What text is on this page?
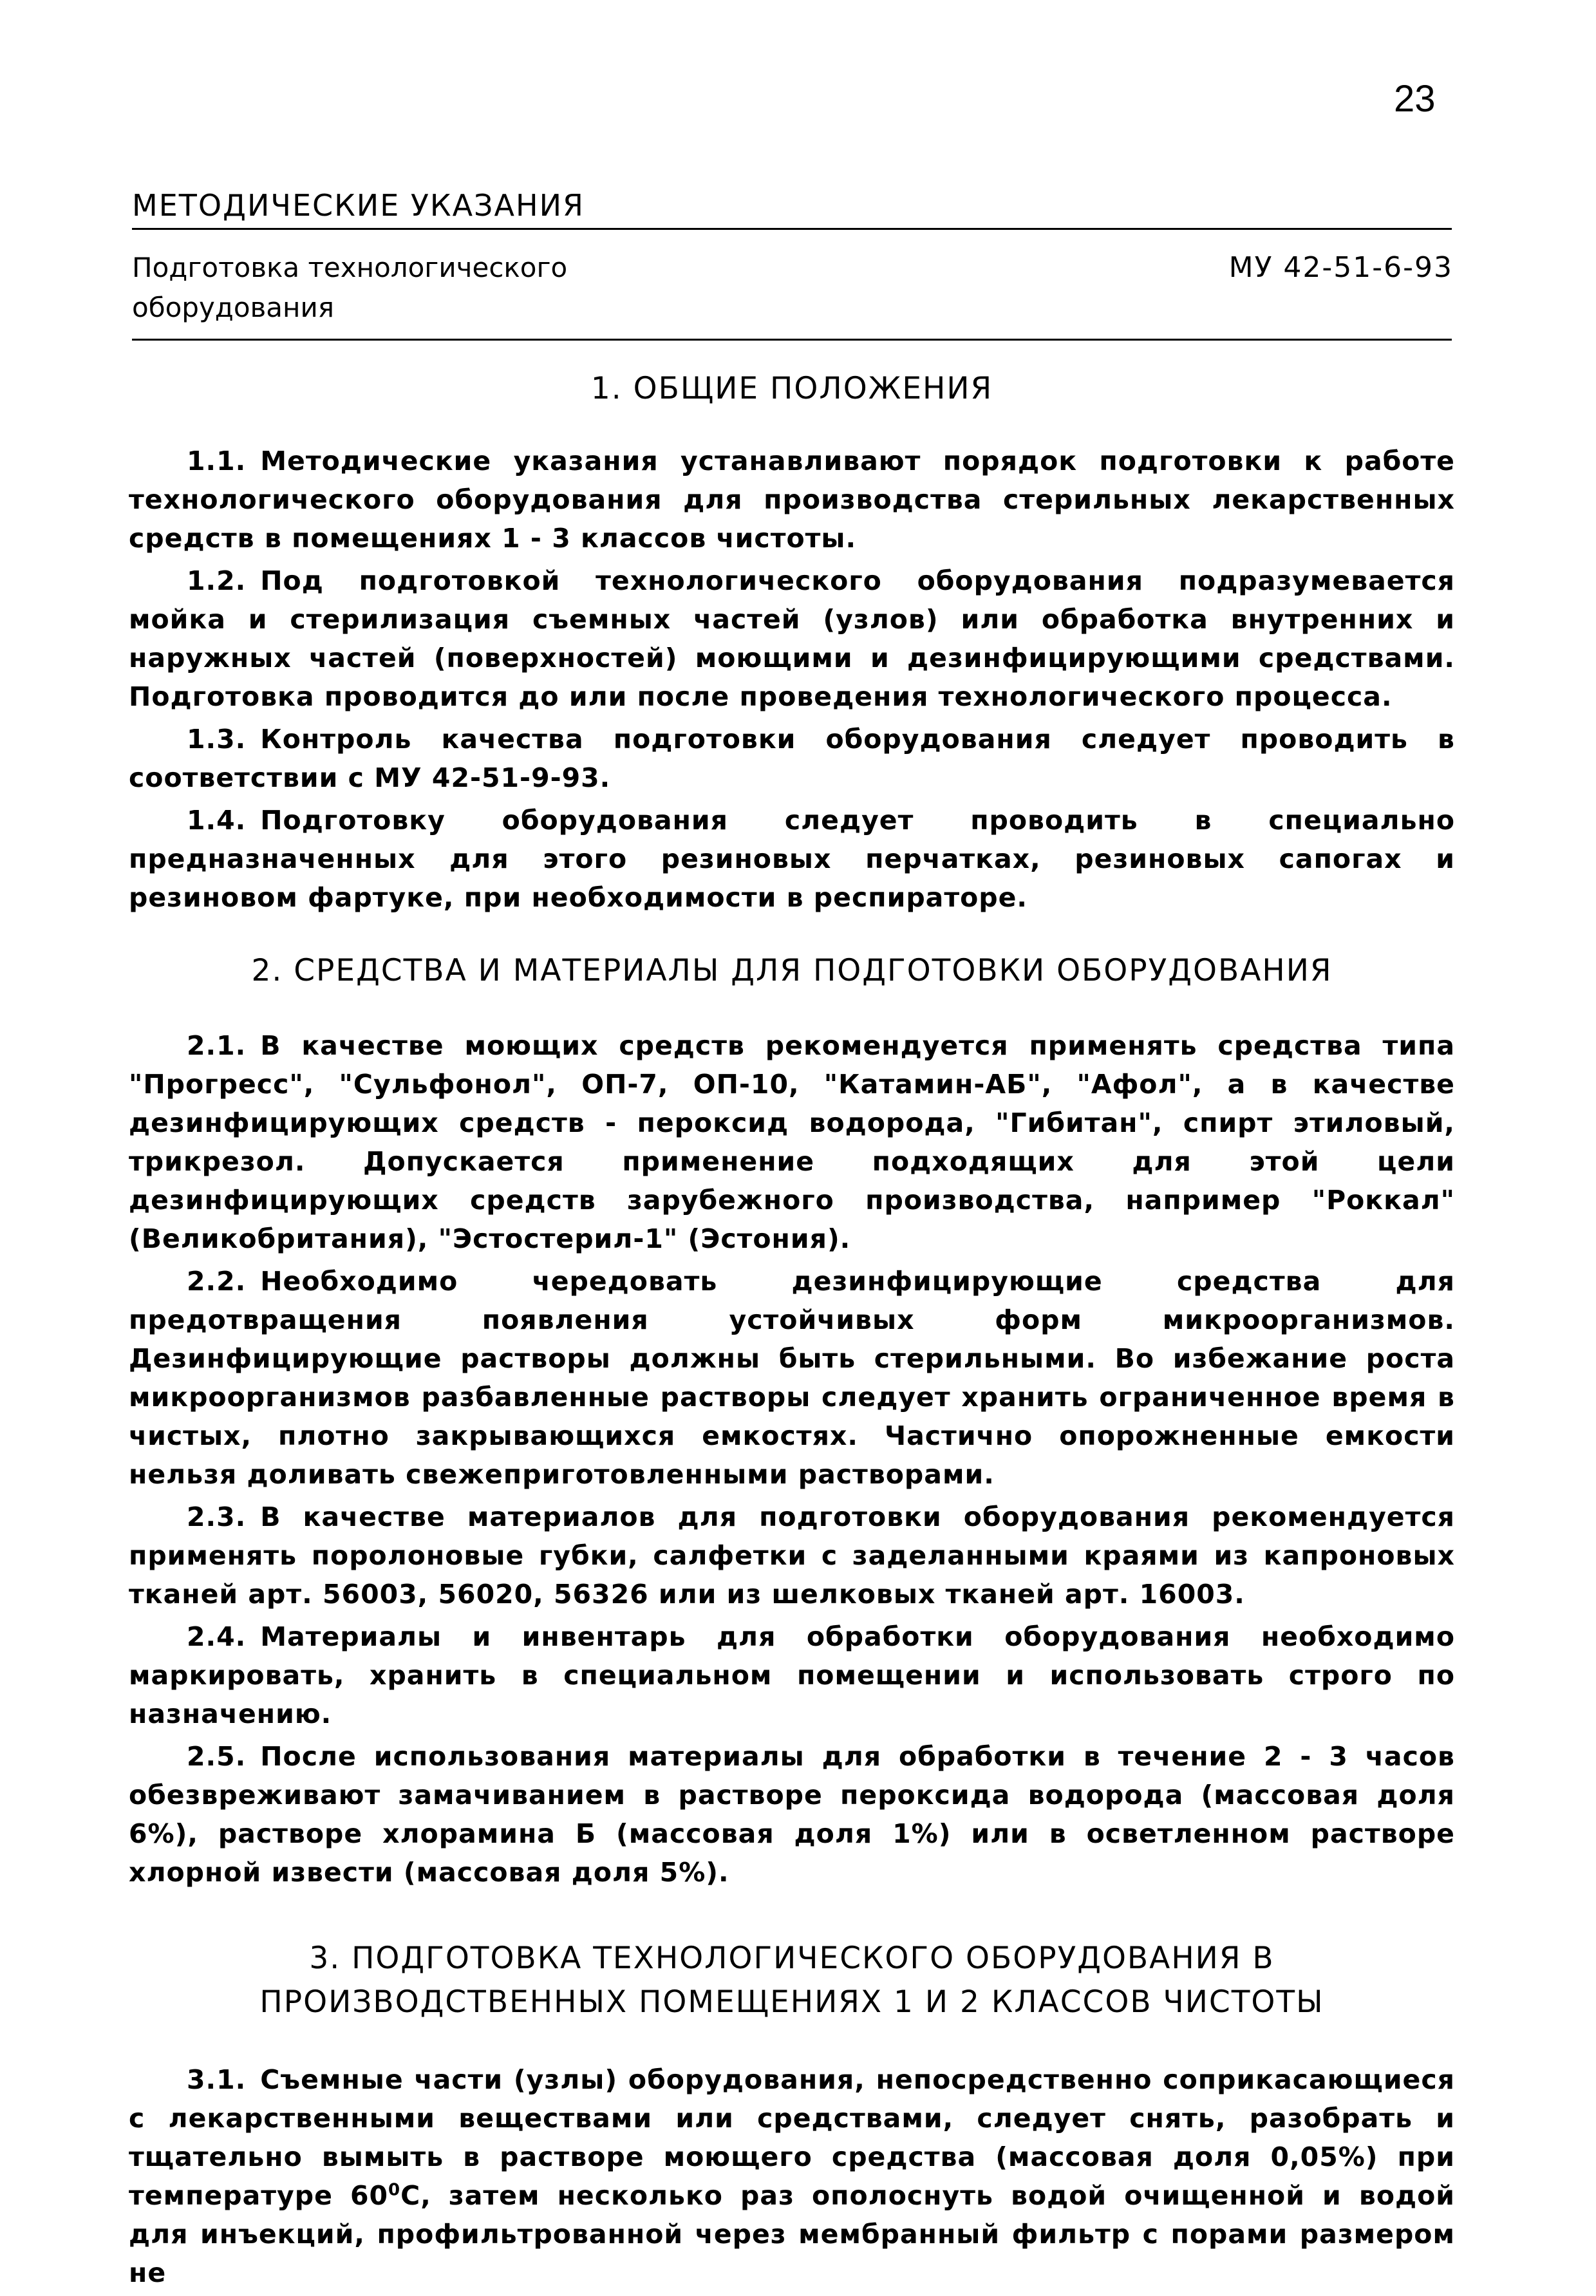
23
МЕТОДИЧЕСКИЕ УКАЗАНИЯ
Подготовка технологического
оборудования
МУ 42-51-6-93
1. ОБЩИЕ ПОЛОЖЕНИЯ

1.1. Методические указания устанавливают порядок подготовки к работе технологического оборудования для производства стерильных лекарственных средств в помещениях 1 - 3 классов чистоты.

1.2. Под подготовкой технологического оборудования подразумевается мойка и стерилизация съемных частей (узлов) или обработка внутренних и наружных частей (поверхностей) моющими и дезинфицирующими средствами. Подготовка проводится до или после проведения технологического процесса.

1.3. Контроль качества подготовки оборудования следует проводить в соответствии с МУ 42-51-9-93.

1.4. Подготовку оборудования следует проводить в специально предназначенных для этого резиновых перчатках, резиновых сапогах и резиновом фартуке, при необходимости в респираторе.

2. СРЕДСТВА И МАТЕРИАЛЫ ДЛЯ ПОДГОТОВКИ ОБОРУДОВАНИЯ

2.1. В качестве моющих средств рекомендуется применять средства типа "Прогресс", "Сульфонол", ОП-7, ОП-10, "Катамин-АБ", "Афол", а в качестве дезинфицирующих средств - пероксид водорода, "Гибитан", спирт этиловый, трикрезол. Допускается применение подходящих для этой цели дезинфицирующих средств зарубежного производства, например "Роккал" (Великобритания), "Эстостерил-1" (Эстония).

2.2. Необходимо чередовать дезинфицирующие средства для предотвращения появления устойчивых форм микроорганизмов. Дезинфицирующие растворы должны быть стерильными. Во избежание роста микроорганизмов разбавленные растворы следует хранить ограниченное время в чистых, плотно закрывающихся емкостях. Частично опорожненные емкости нельзя доливать свежеприготовленными растворами.

2.3. В качестве материалов для подготовки оборудования рекомендуется применять поролоновые губки, салфетки с заделанными краями из капроновых тканей арт. 56003, 56020, 56326 или из шелковых тканей арт. 16003.

2.4. Материалы и инвентарь для обработки оборудования необходимо маркировать, хранить в специальном помещении и использовать строго по назначению.

2.5. После использования материалы для обработки в течение 2 - 3 часов обезвреживают замачиванием в растворе пероксида водорода (массовая доля 6%), растворе хлорамина Б (массовая доля 1%) или в осветленном растворе хлорной извести (массовая доля 5%).

3. ПОДГОТОВКА ТЕХНОЛОГИЧЕСКОГО ОБОРУДОВАНИЯ В ПРОИЗВОДСТВЕННЫХ ПОМЕЩЕНИЯХ 1 И 2 КЛАССОВ ЧИСТОТЫ

3.1. Съемные части (узлы) оборудования, непосредственно соприкасающиеся с лекарственными веществами или средствами, следует снять, разобрать и тщательно вымыть в растворе моющего средства (массовая доля 0,05%) при температуре $60^0С$, затем несколько раз ополоснуть водой очищенной и водой для инъекций, профильтрованной через мембранный фильтр с порами размером не
